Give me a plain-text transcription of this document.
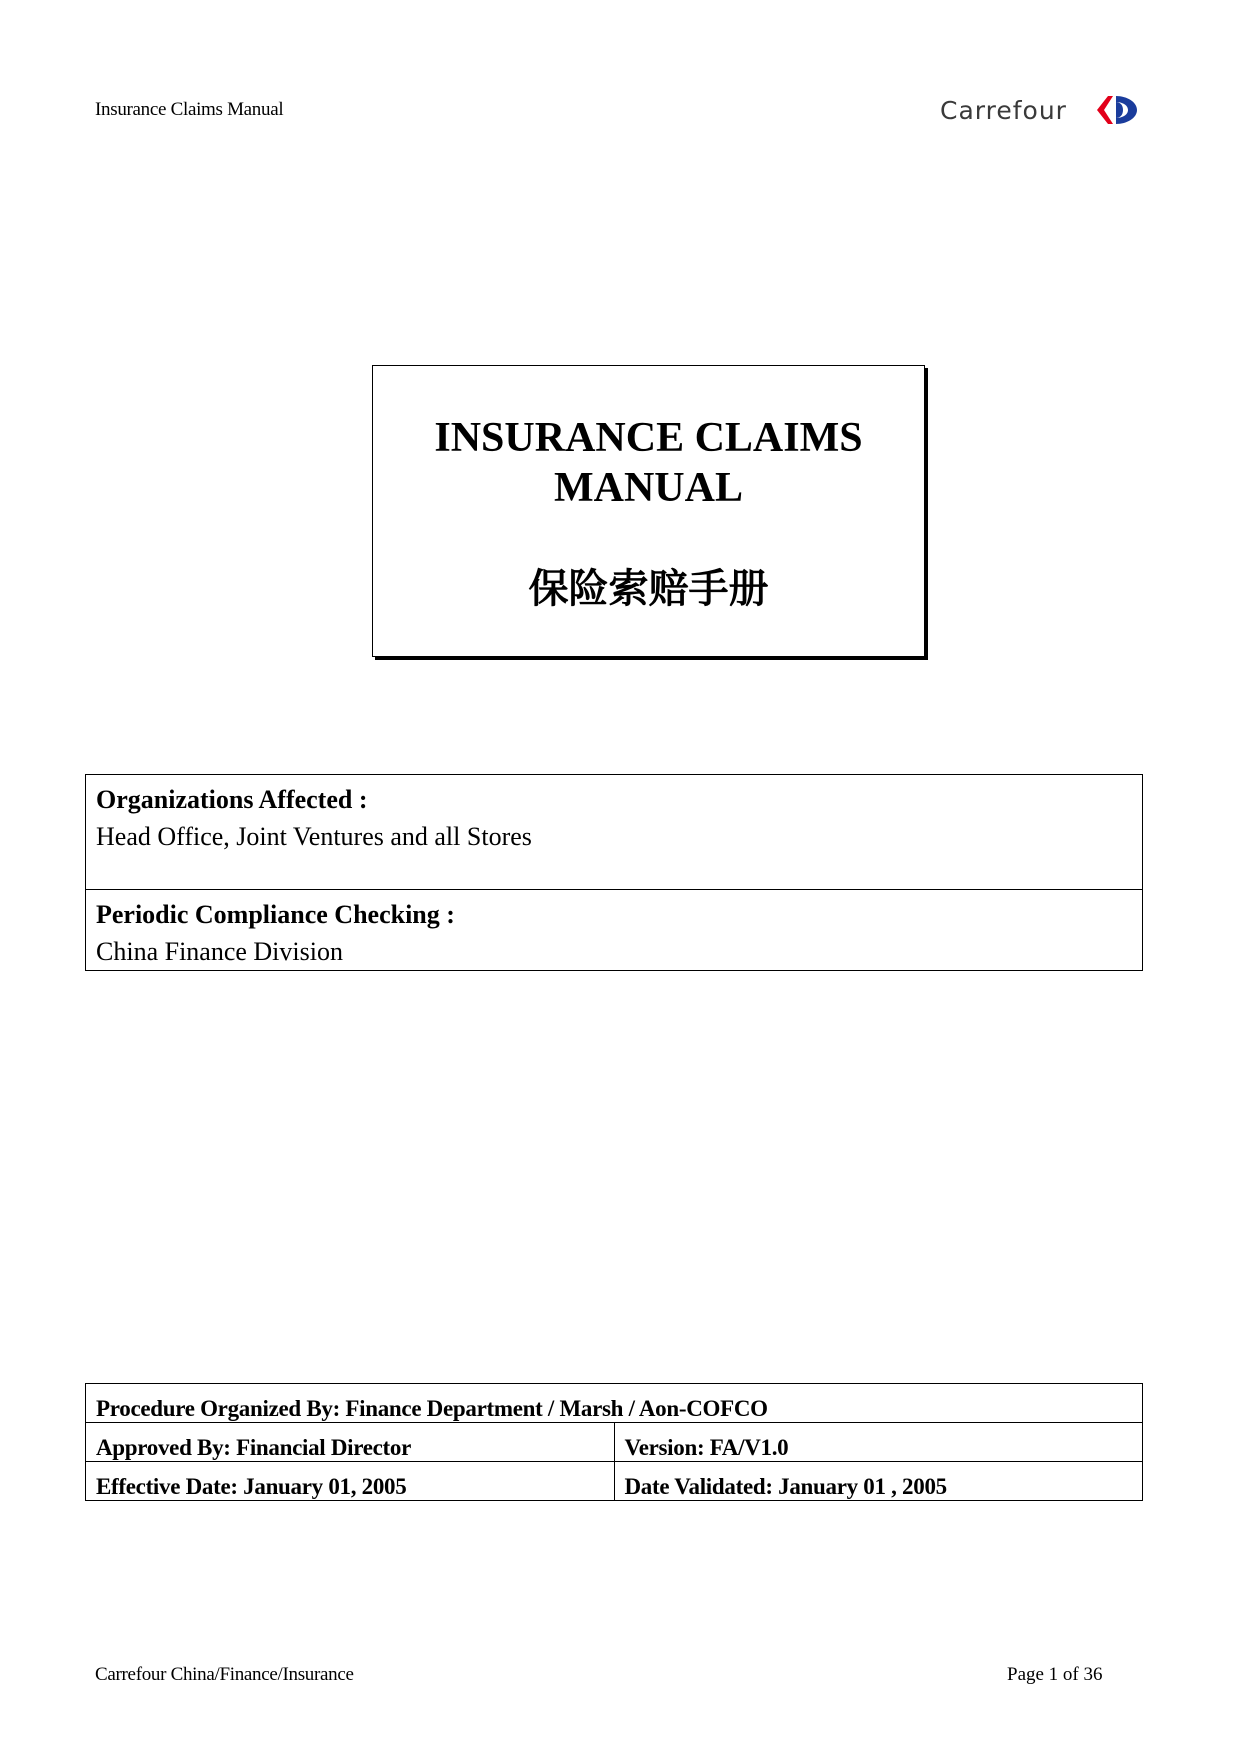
Insurance Claims Manual	Carrefour
INSURANCE CLAIMS
MANUAL
保险索赔手册
Organizations Affected :
Head Office, Joint Ventures and all Stores

Periodic Compliance Checking :
China Finance Division
Procedure Organized By: Finance Department / Marsh / Aon-COFCO	
Approved By: Financial Director	Version: FA/V1.0
Effective Date: January 01, 2005	Date Validated: January 01 , 2005
Carrefour China/Finance/Insurance	Page 1 of 36
